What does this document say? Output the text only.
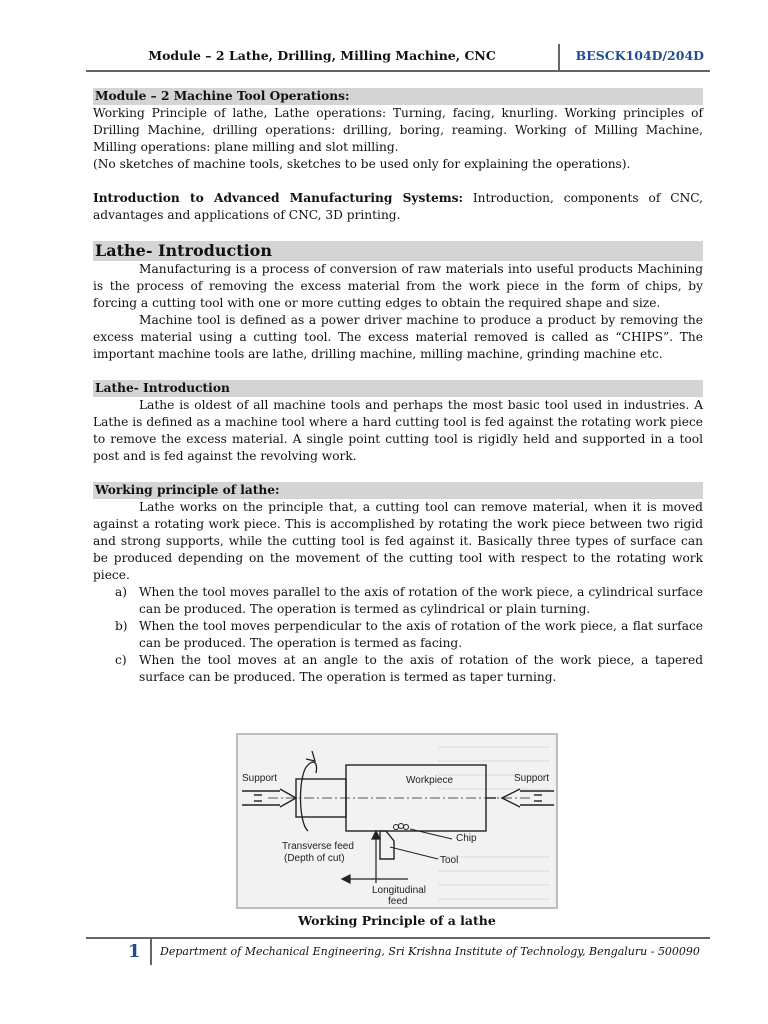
Module – 2 Lathe, Drilling, Milling Machine, CNC	BESCK104D/204D
Module – 2 Machine Tool Operations:

Working Principle of lathe, Lathe operations: Turning, facing, knurling. Working principles of Drilling Machine, drilling operations: drilling, boring, reaming. Working of Milling Machine, Milling operations: plane milling and slot milling.

(No sketches of machine tools, sketches to be used only for explaining the operations).

Introduction to Advanced Manufacturing Systems: Introduction, components of CNC, advantages and applications of CNC, 3D printing.

Lathe- Introduction

Manufacturing is a process of conversion of raw materials into useful products Machining is the process of removing the excess material from the work piece in the form of chips, by forcing a cutting tool with one or more cutting edges to obtain the required shape and size.

Machine tool is defined as a power driver machine to produce a product by removing the excess material using a cutting tool. The excess material removed is called as “CHIPS”. The important machine tools are lathe, drilling machine, milling machine, grinding machine etc.

Lathe- Introduction

Lathe is oldest of all machine tools and perhaps the most basic tool used in industries. A Lathe is defined as a machine tool where a hard cutting tool is fed against the rotating work piece to remove the excess material. A single point cutting tool is rigidly held and supported in a tool post and is fed against the revolving work.

Working principle of lathe:

Lathe works on the principle that, a cutting tool can remove material, when it is moved against a rotating work piece. This is accomplished by rotating the work piece between two rigid and strong supports, while the cutting tool is fed against it. Basically three types of surface can be produced depending on the movement of the cutting tool with respect to the rotating work piece.

a) When the tool moves parallel to the axis of rotation of the work piece, a cylindrical surface can be produced. The operation is termed as cylindrical or plain turning.
b) When the tool moves perpendicular to the axis of rotation of the work piece, a flat surface can be produced. The operation is termed as facing.
c) When the tool moves at an angle to the axis of rotation of the work piece, a tapered surface can be produced. The operation is termed as taper turning.
Support	Support
Workpiece
Chip
Tool
Transverse feed
(Depth of cut)
Longitudinal
feed
Working Principle of a lathe
1 Department of Mechanical Engineering, Sri Krishna Institute of Technology, Bengaluru - 500090
